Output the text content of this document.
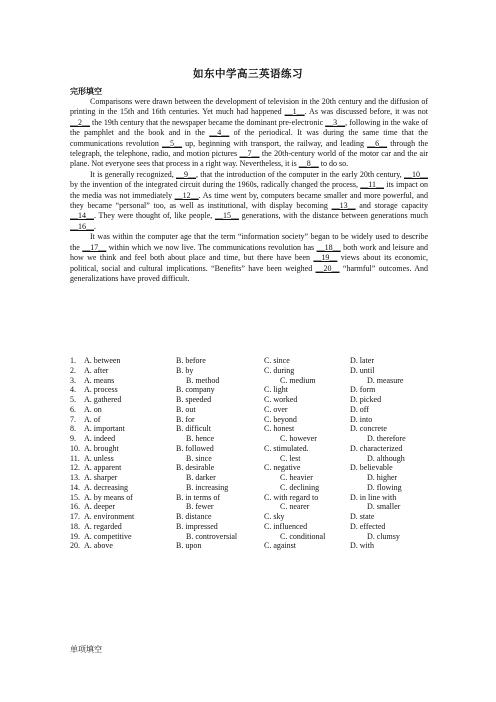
如东中学高三英语练习
完形填空

Comparisons were drawn between the development of television in the 20th century and the diffusion of printing in the 15th and 16th centuries. Yet much had happened __1__. As was discussed before, it was not __2__ the 19th century that the newspaper became the dominant pre-electronic __3__, following in the wake of the pamphlet and the book and in the __4__ of the periodical. It was during the same time that the communications revolution __5__ up, beginning with transport, the railway, and leading __6__ through the telegraph, the telephone, radio, and motion pictures __7__ the 20th-century world of the motor car and the air plane. Not everyone sees that process in a right way. Nevertheless, it is __8__ to do so.

It is generally recognized, __9__, that the introduction of the computer in the early 20th century, __10__ by the invention of the integrated circuit during the 1960s, radically changed the process, __11__ its impact on the media was not immediately __12__. As time went by, computers became smaller and more powerful, and they became “personal” too, as well as institutional, with display becoming __13__ and storage capacity __14__. They were thought of, like people, __15__ generations, with the distance between generations much __16__.

It was within the computer age that the term “information society” began to be widely used to describe the __17__ within which we now live. The communications revolution has __18__ both work and leisure and how we think and feel both about place and time, but there have been __19__ views about its economic, political, social and cultural implications. “Benefits” have been weighed __20__ “harmful” outcomes. And generalizations have proved difficult.

1. A. between	B. before	C. since	D. later
2. A. after	B. by	C. during	D. until
3. A. means	B. method	C. medium	D. measure
4. A. process	B. company	C. light	D. form
5. A. gathered	B. speeded	C. worked	D. picked
6. A. on	B. out	C. over	D. off
7. A. of	B. for	C. beyond	D. into
8. A. important	B. difficult	C. honest	D. concrete
9. A. indeed	B. hence	C. however	D. therefore
10. A. brought	B. followed	C. stimulated.	D. characterized
11. A. unless	B. since	C. lest	D. although
12. A. apparent	B. desirable	C. negative	D. believable
13. A. sharper	B. darker	C. heavier	D. higher
14. A. decreasing	B. increasing	C. declining	D. flowing
15. A. by means of	B. in terms of	C. with regard to	D. in line with
16. A. deeper	B. fewer	C. nearer	D. smaller
17. A. environment	B. distance	C. sky	D. state
18. A. regarded	B. impressed	C. influenced	D. effected
19. A. competitive	B. controversial	C. conditional	D. clumsy
20. A. above	B. upon	C. against	D. with
单项填空
